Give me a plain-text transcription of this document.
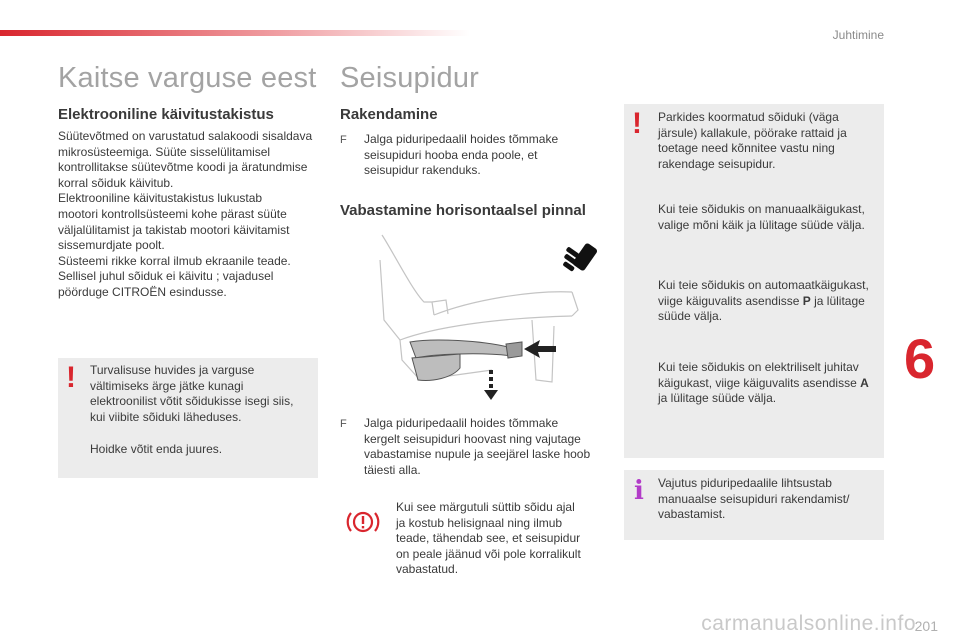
Juhtimine
Kaitse varguse eest
Elektrooniline käivitustakistus

Süütevõtmed on varustatud salakoodi sisaldava

mikrosüsteemiga. Süüte sisselülitamisel

kontrollitakse süütevõtme koodi ja äratundmise

korral sõiduk käivitub.

Elektrooniline käivitustakistus lukustab

mootori kontrollsüsteemi kohe pärast süüte

väljalülitamist ja takistab mootori käivitamist

sissemurdjate poolt.

Süsteemi rikke korral ilmub ekraanile teade.

Sellisel juhul sõiduk ei käivitu ; vajadusel

pöörduge CITROËN esindusse.

! Turvalisuse huvides ja varguse

vältimiseks ärge jätke kunagi

elektroonilist võtit sõidukisse isegi siis,

kui viibite sõiduki läheduses.

Hoidke võtit enda juures.
Seisupidur
Rakendamine
F Jalga piduripedaalil hoides tõmmake

seisupiduri hooba enda poole, et

seisupidur rakenduks.

Vabastamine horisontaalsel pinnal
F Jalga piduripedaalil hoides tõmmake

kergelt seisupiduri hoovast ning vajutage

vabastamise nupule ja seejärel laske hoob

täiesti alla.

Kui see märgutuli süttib sõidu ajal

ja kostub helisignaal ning ilmub

teade, tähendab see, et seisupidur

on peale jäänud või pole korralikult

vabastatud.

! Parkides koormatud sõiduki (väga

järsule) kallakule, pöörake rattaid ja

toetage need kõnnitee vastu ning

rakendage seisupidur.

Kui teie sõidukis on manuaalkäigukast,

valige mõni käik ja lülitage süüde välja.

Kui teie sõidukis on automaatkäigukast,

viige käiguvalits asendisse P ja lülitage

süüde välja.

Kui teie sõidukis on elektriliselt juhitav

käigukast, viige käiguvalits asendisse A

ja lülitage süüde välja.

i Vajutus piduripedaalile lihtsustab

manuaalse seisupiduri rakendamist/

vabastamist.

6
201
carmanualsonline.info
